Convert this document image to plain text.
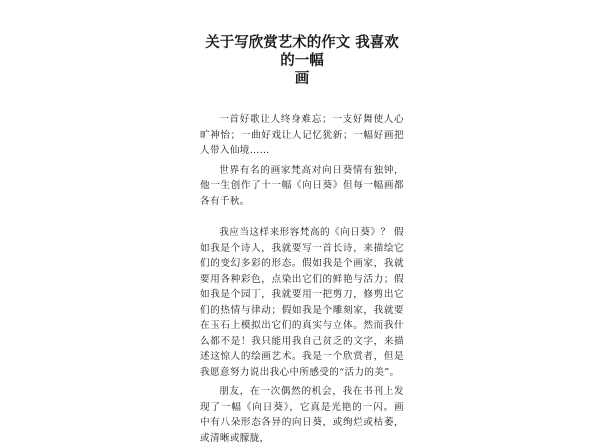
关于写欣赏艺术的作文 我喜欢的一幅
画

一首好歌让人终身难忘；一支好舞使人心旷神怡；一曲好戏让人记忆犹新；一幅好画把人带入仙境……

世界有名的画家梵高对向日葵情有独钟，他一生创作了十一幅《向日葵》但每一幅画都各有千秋。

我应当这样来形容梵高的《向日葵》？ 假如我是个诗人，我就要写一首长诗，来描绘它们的变幻多彩的形态。假如我是个画家，我就要用各种彩色，点染出它们的鲜艳与活力；假如我是个园丁，我就要用一把剪刀，修剪出它们的热情与律动；假如我是个雕刻家，我就要在玉石上模拟出它们的真实与立体。然而我什么都不是！我只能用我自己贫乏的文字，来描述这惊人的绘画艺术。我是一个欣赏者，但是我愿意努力说出我心中所感受的“活力的美”。

朋友，在一次偶然的机会，我在书刊上发现了一幅《向日葵》，它真是光艳的一闪。画中有八朵形态各异的向日葵，或绚烂或枯萎，或清晰或朦胧，
